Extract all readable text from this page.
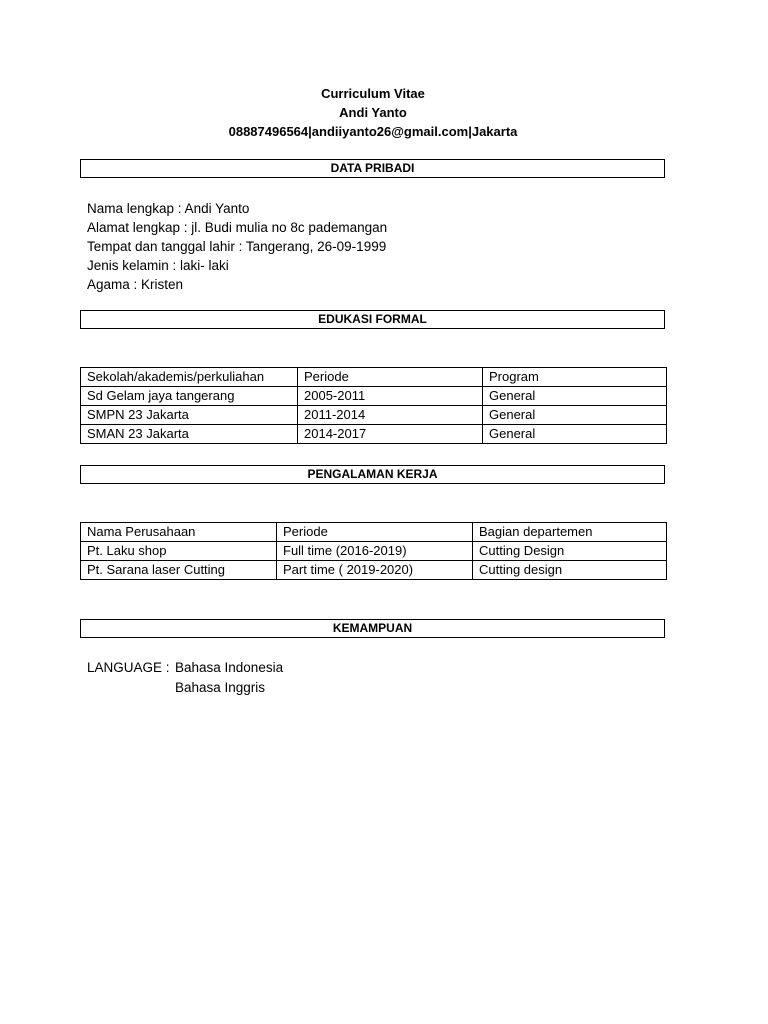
Curriculum Vitae
Andi Yanto
08887496564|andiiyanto26@gmail.com|Jakarta
DATA PRIBADI
Nama lengkap : Andi Yanto
Alamat lengkap : jl. Budi mulia no 8c pademangan
Tempat dan tanggal lahir : Tangerang, 26-09-1999
Jenis kelamin : laki- laki
Agama : Kristen
EDUKASI FORMAL
Sekolah/akademis/perkuliahan	Periode	Program
Sd Gelam jaya tangerang	2005-2011	General
SMPN 23 Jakarta	2011-2014	General
SMAN 23 Jakarta	2014-2017	General
PENGALAMAN KERJA
Nama Perusahaan	Periode	Bagian departemen
Pt. Laku shop	Full time (2016-2019)	Cutting Design
Pt. Sarana laser Cutting	Part time ( 2019-2020)	Cutting design
KEMAMPUAN
LANGUAGE : Bahasa Indonesia
Bahasa Inggris
